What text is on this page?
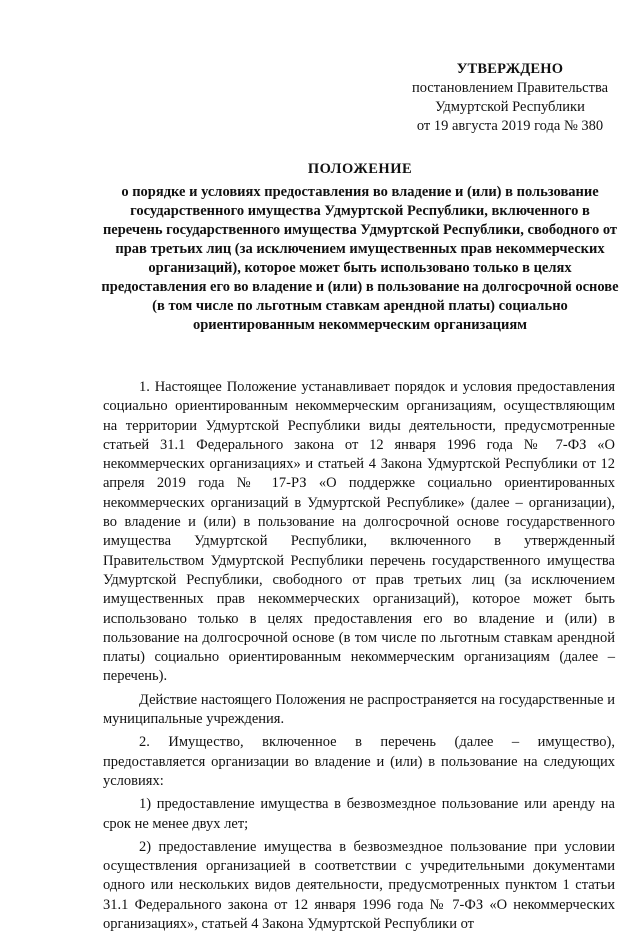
УТВЕРЖДЕНО
постановлением Правительства
Удмуртской Республики
от 19 августа 2019 года № 380
ПОЛОЖЕНИЕ
о порядке и условиях предоставления во владение и (или) в пользование государственного имущества Удмуртской Республики, включенного в перечень государственного имущества Удмуртской Республики, свободного от прав третьих лиц (за исключением имущественных прав некоммерческих организаций), которое может быть использовано только в целях предоставления его во владение и (или) в пользование на долгосрочной основе (в том числе по льготным ставкам арендной платы) социально ориентированным некоммерческим организациям

1. Настоящее Положение устанавливает порядок и условия предоставления социально ориентированным некоммерческим организациям, осуществляющим на территории Удмуртской Республики виды деятельности, предусмотренные статьей 31.1 Федерального закона от 12 января 1996 года № 7-ФЗ «О некоммерческих организациях» и статьей 4 Закона Удмуртской Республики от 12 апреля 2019 года № 17-РЗ «О поддержке социально ориентированных некоммерческих организаций в Удмуртской Республике» (далее – организации), во владение и (или) в пользование на долгосрочной основе государственного имущества Удмуртской Республики, включенного в утвержденный Правительством Удмуртской Республики перечень государственного имущества Удмуртской Республики, свободного от прав третьих лиц (за исключением имущественных прав некоммерческих организаций), которое может быть использовано только в целях предоставления его во владение и (или) в пользование на долгосрочной основе (в том числе по льготным ставкам арендной платы) социально ориентированным некоммерческим организациям (далее – перечень).

Действие настоящего Положения не распространяется на государственные и муниципальные учреждения.

2. Имущество, включенное в перечень (далее – имущество), предоставляется организации во владение и (или) в пользование на следующих условиях:

1) предоставление имущества в безвозмездное пользование или аренду на срок не менее двух лет;

2) предоставление имущества в безвозмездное пользование при условии осуществления организацией в соответствии с учредительными документами одного или нескольких видов деятельности, предусмотренных пунктом 1 статьи 31.1 Федерального закона от 12 января 1996 года № 7-ФЗ «О некоммерческих организациях», статьей 4 Закона Удмуртской Республики от
